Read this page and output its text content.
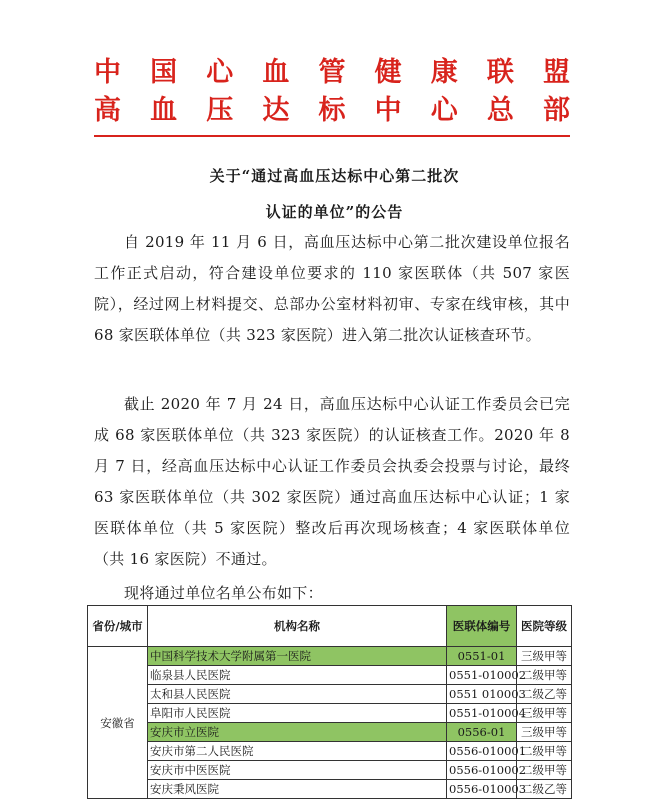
中 国 心 血 管 健 康 联 盟
高 血 压 达 标 中 心 总 部
关于“通过高血压达标中心第二批次
认证的单位”的公告

自 2019 年 11 月 6 日，高血压达标中心第二批次建设单位报名工作正式启动，符合建设单位要求的 110 家医联体（共 507 家医院），经过网上材料提交、总部办公室材料初审、专家在线审核，其中 68 家医联体单位（共 323 家医院）进入第二批次认证核查环节。

截止 2020 年 7 月 24 日，高血压达标中心认证工作委员会已完成 68 家医联体单位（共 323 家医院）的认证核查工作。2020 年 8 月 7 日，经高血压达标中心认证工作委员会执委会投票与讨论，最终 63 家医联体单位（共 302 家医院）通过高血压达标中心认证；1 家医联体单位（共 5 家医院）整改后再次现场核查；4 家医联体单位（共 16 家医院）不通过。

现将通过单位名单公布如下：

省份/城市	机构名称	医联体编号	医院等级
安徽省	中国科学技术大学附属第一医院	0551-01	三级甲等
	临泉县人民医院	0551-010002	二级甲等
	太和县人民医院	0551 010003	二级乙等
	阜阳市人民医院	0551-010004	三级甲等
	安庆市立医院	0556-01	三级甲等
	安庆市第二人民医院	0556-010001	二级甲等
	安庆市中医医院	0556-010002	二级甲等
	安庆秉风医院	0556-010003	二级乙等
